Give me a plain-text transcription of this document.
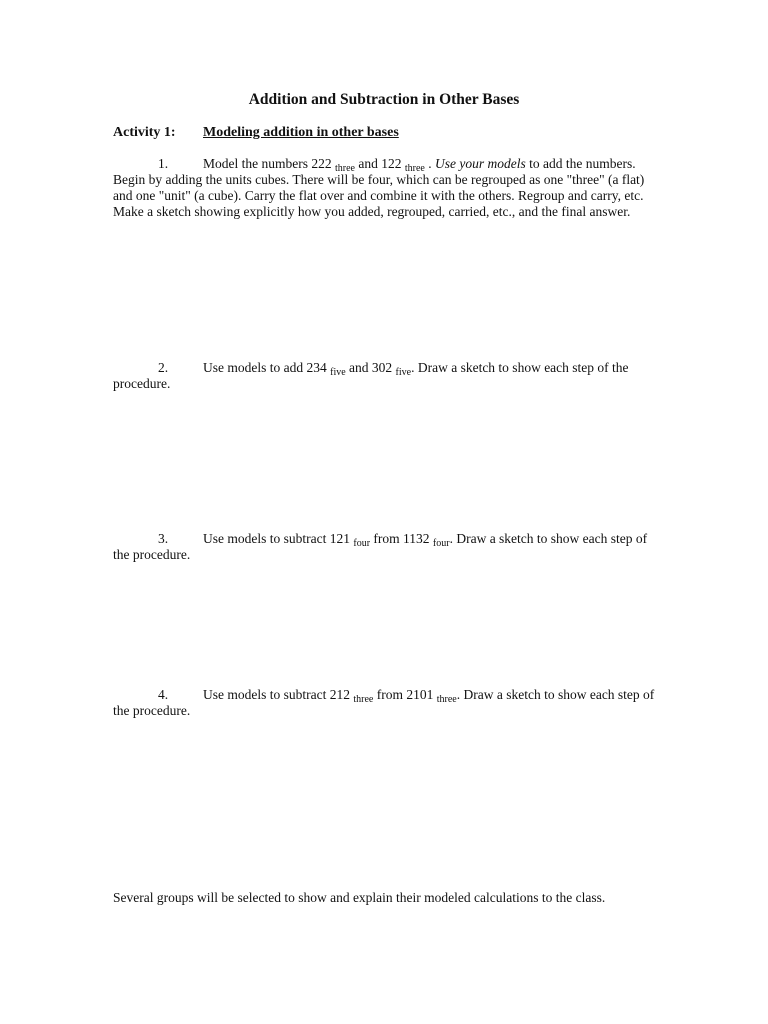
Addition and Subtraction in Other Bases
Activity 1: Modeling addition in other bases
1.	Model the numbers 222 $_{three}$ and 122 $_{three}$ . Use your models to add the numbers. Begin by adding the units cubes. There will be four, which can be regrouped as one "three" (a flat) and one "unit" (a cube). Carry the flat over and combine it with the others. Regroup and carry, etc. Make a sketch showing explicitly how you added, regrouped, carried, etc., and the final answer.
2.	Use models to add 234 $_{five}$ and 302 $_{five}$. Draw a sketch to show each step of the procedure.
3.	Use models to subtract 121 $_{four}$ from 1132 $_{four}$. Draw a sketch to show each step of the procedure.
4.	Use models to subtract 212 $_{three}$ from 2101 $_{three}$. Draw a sketch to show each step of the procedure.
Several groups will be selected to show and explain their modeled calculations to the class.
